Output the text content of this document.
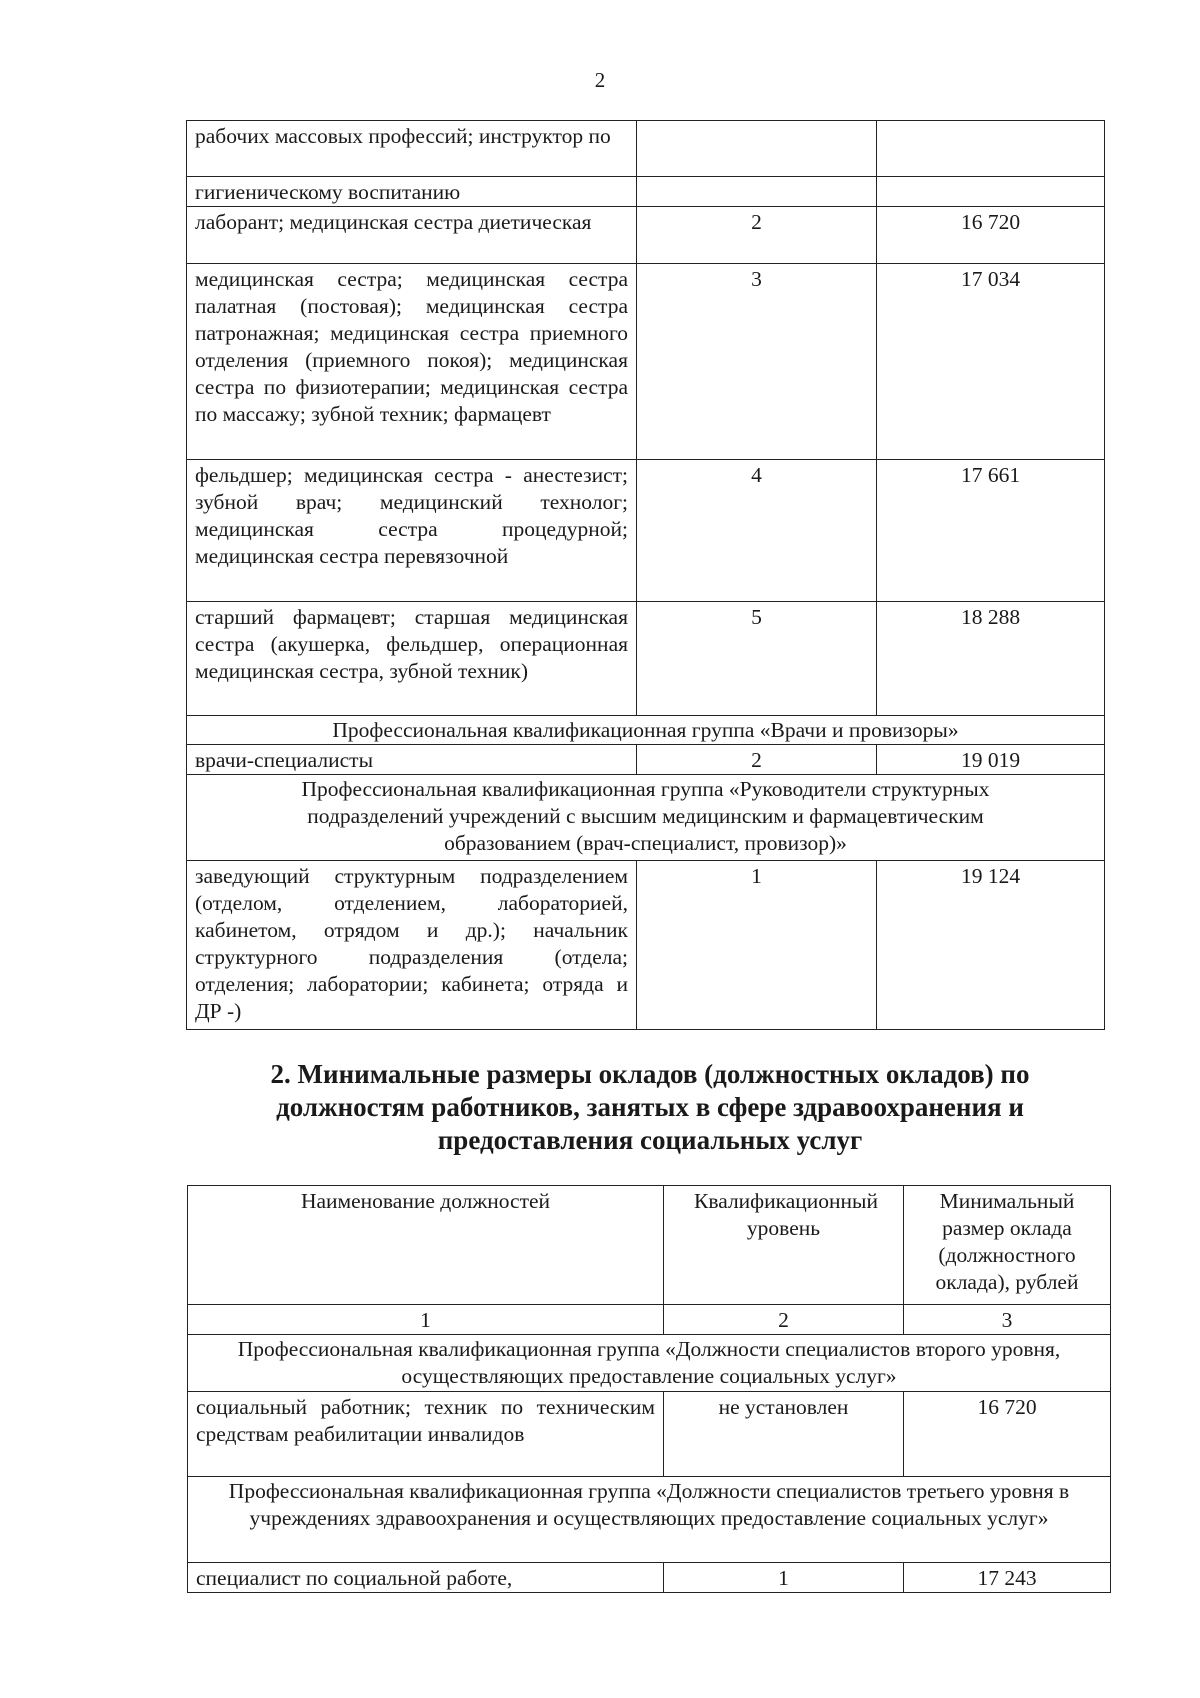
2
рабочих массовых профессий; инструктор по		
гигиеническому воспитанию		
лаборант; медицинская сестра диетическая	2	16 720
медицинская сестра; медицинская сестра палатная (постовая); медицинская сестра патронажная; медицинская сестра приемного отделения (приемного покоя); медицинская сестра по физиотерапии; медицинская сестра по массажу; зубной техник; фармацевт	3	17 034
фельдшер; медицинская сестра - анестезист; зубной врач; медицинский технолог; медицинская сестра процедурной; медицинская сестра перевязочной	4	17 661
старший фармацевт; старшая медицинская сестра (акушерка, фельдшер, операционная медицинская сестра, зубной техник)	5	18 288
Профессиональная квалификационная группа «Врачи и провизоры»		
врачи-специалисты	2	19 019
Профессиональная квалификационная группа «Руководители структурных подразделений учреждений с высшим медицинским и фармацевтическим образованием (врач-специалист, провизор)»		
заведующий структурным подразделением (отделом, отделением, лабораторией, кабинетом, отрядом и др.); начальник структурного подразделения (отдела; отделения; лаборатории; кабинета; отряда и ДР -)	1	19 124
2. Минимальные размеры окладов (должностных окладов) по
должностям работников, занятых в сфере здравоохранения и
предоставления социальных услуг
Наименование должностей	Квалификационный уровень	Минимальный размер оклада (должностного оклада), рублей
1	2	3
Профессиональная квалификационная группа «Должности специалистов второго уровня, осуществляющих предоставление социальных услуг»		
социальный работник; техник по техническим средствам реабилитации инвалидов	не установлен	16 720
Профессиональная квалификационная группа «Должности специалистов третьего уровня в учреждениях здравоохранения и осуществляющих предоставление социальных услуг»		
специалист по социальной работе,	1	17 243
